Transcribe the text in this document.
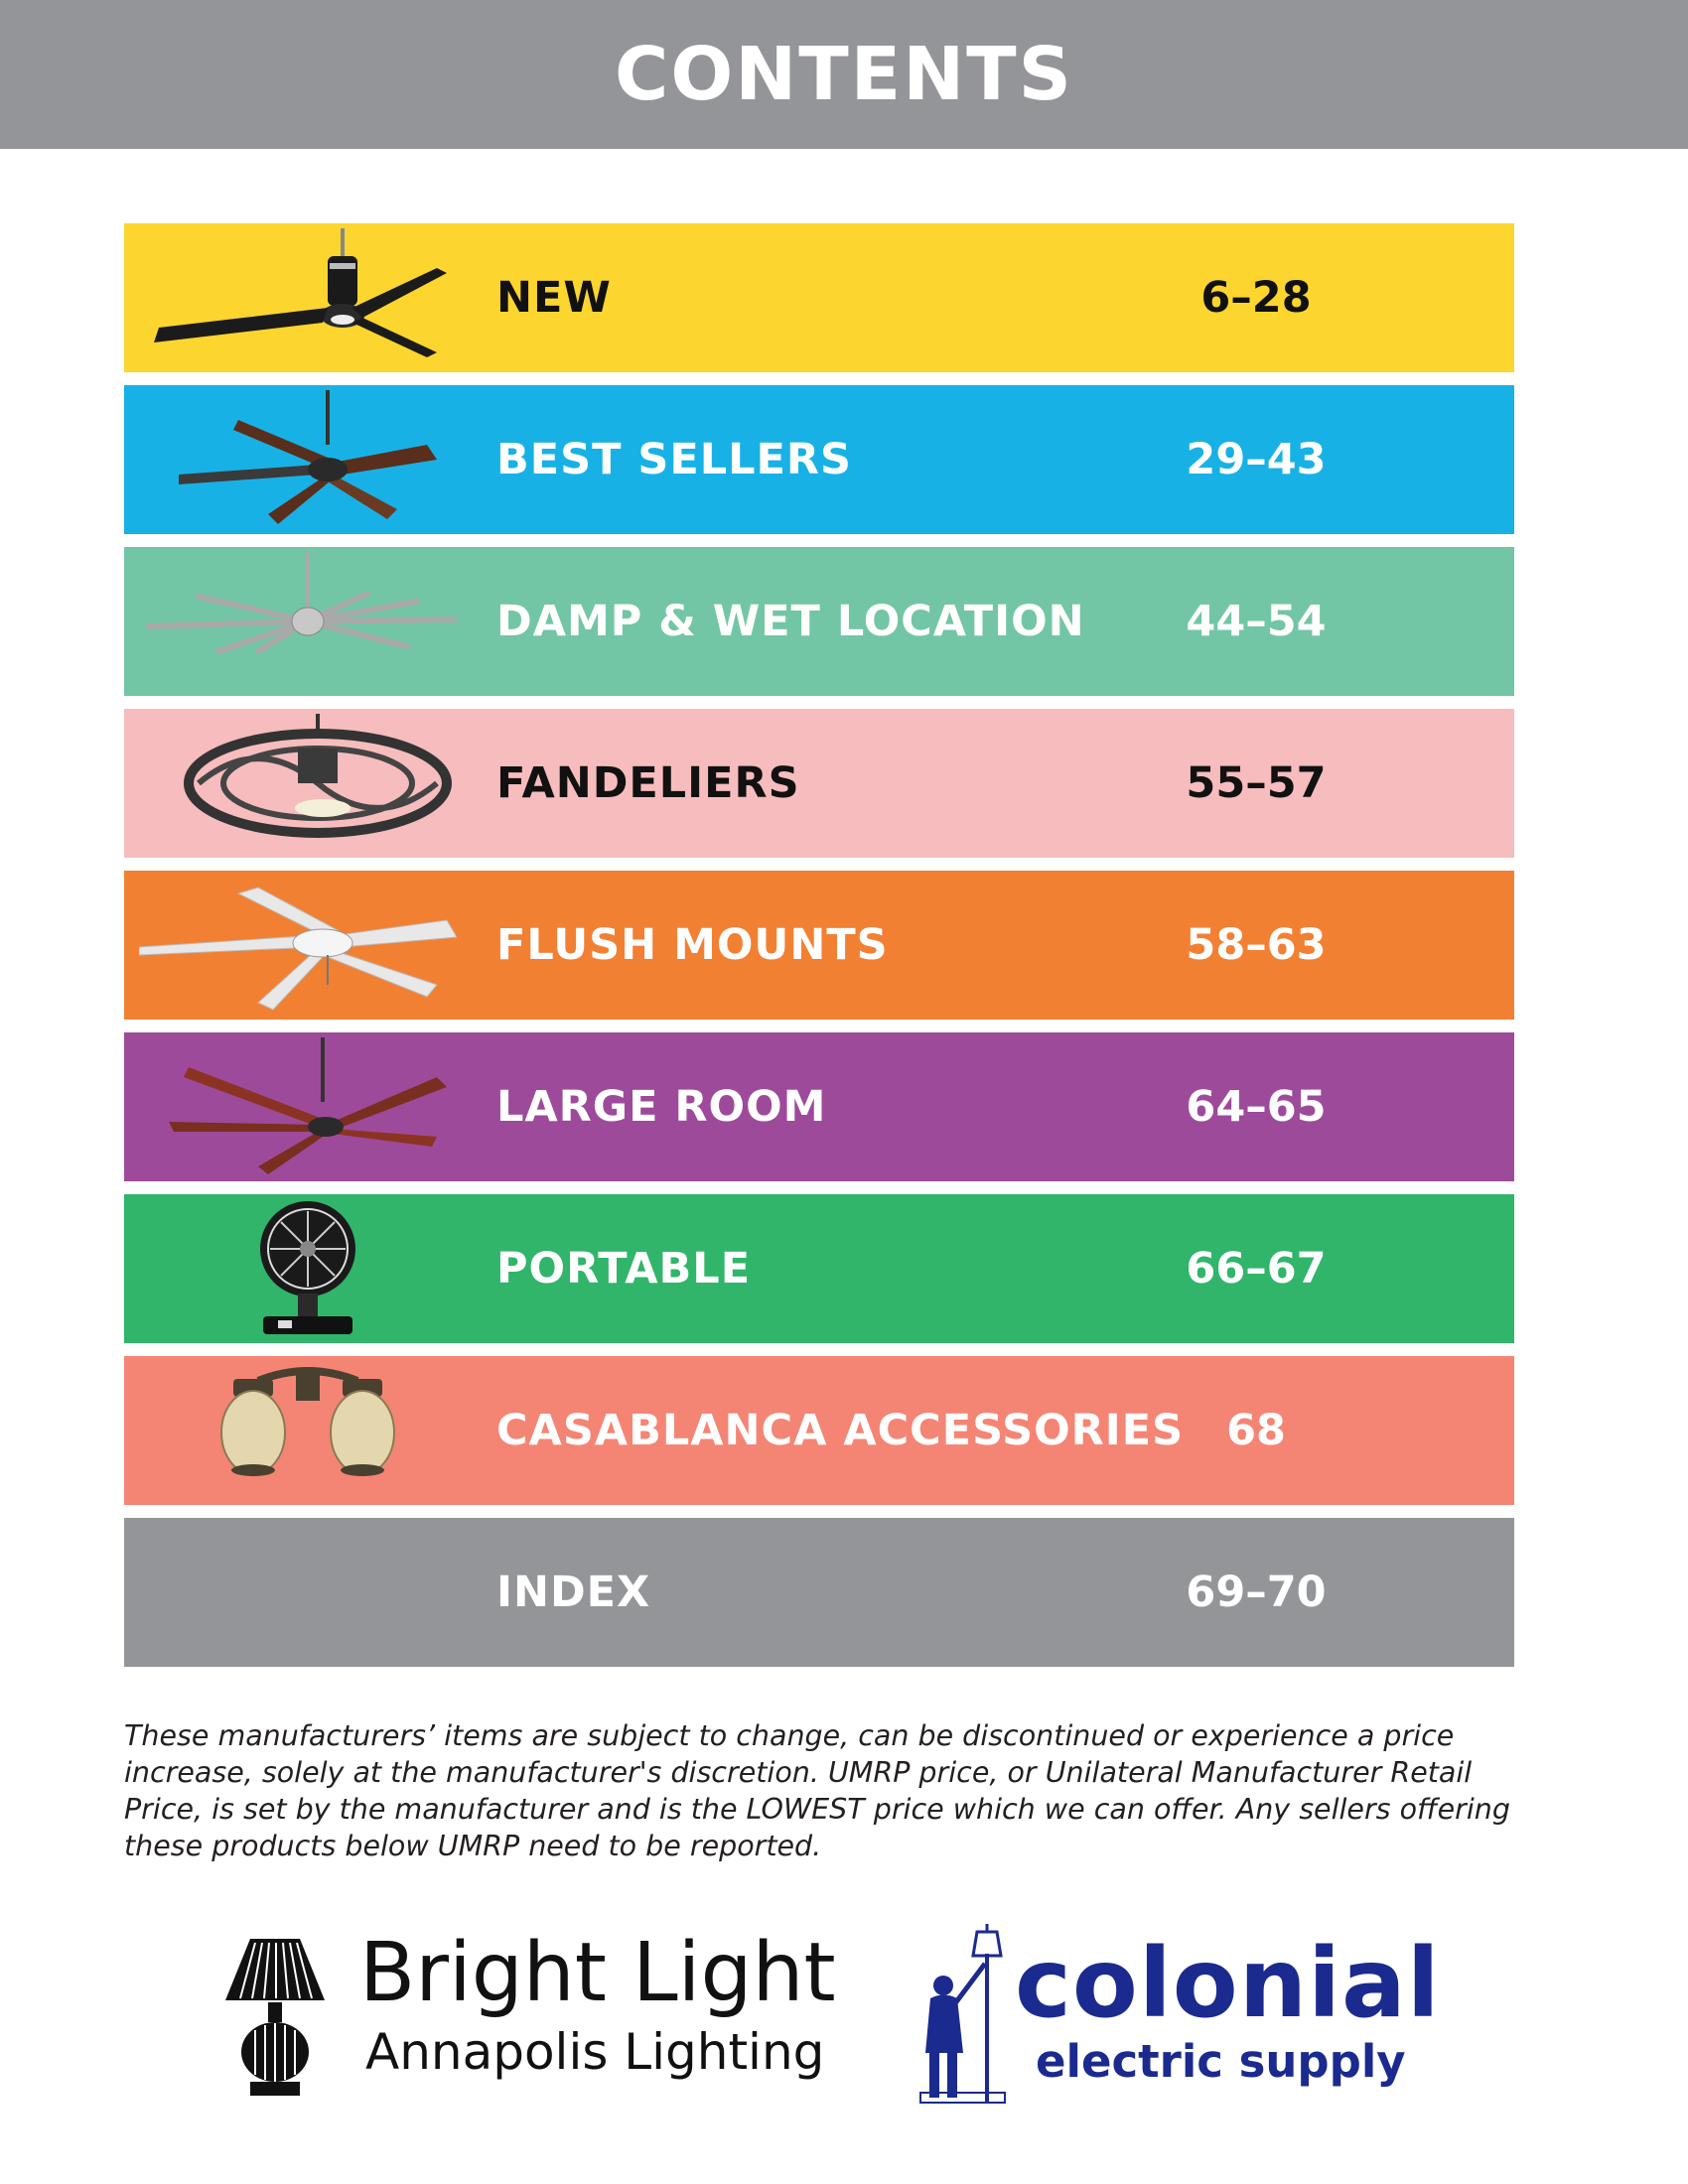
CONTENTS
NEW	6–28
BEST SELLERS	29–43
DAMP & WET LOCATION	44–54
FANDELIERS	55–57
FLUSH MOUNTS	58–63
LARGE ROOM	64–65
PORTABLE	66–67
CASABLANCA ACCESSORIES 68
INDEX	69–70

These manufacturers’ items are subject to change, can be discontinued or experience a price increase, solely at the manufacturer's discretion. UMRP price, or Unilateral Manufacturer Retail Price, is set by the manufacturer and is the LOWEST price which we can offer. Any sellers offering these products below UMRP need to be reported.

Bright Light
Annapolis Lighting
colonial
electric supply
